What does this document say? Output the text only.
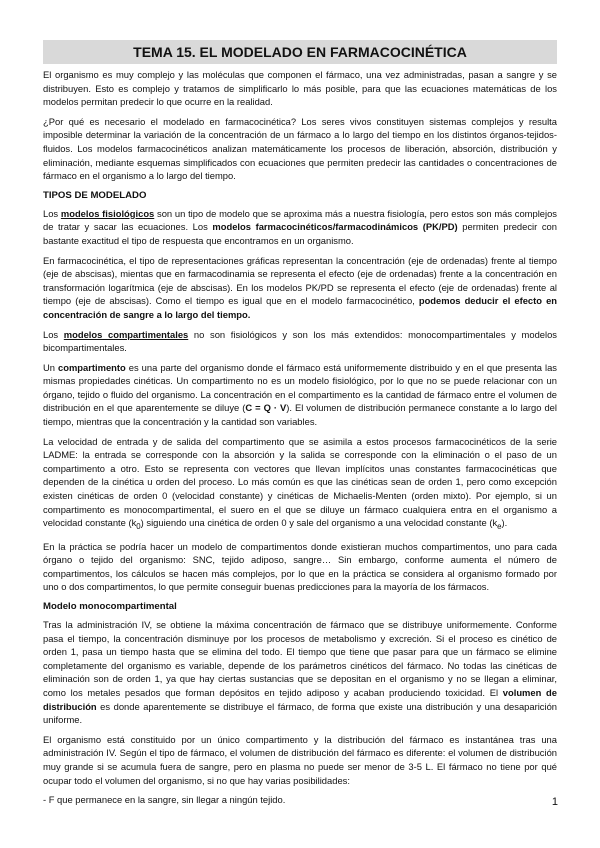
TEMA 15. EL MODELADO EN FARMACOCINÉTICA

El organismo es muy complejo y las moléculas que componen el fármaco, una vez administradas, pasan a sangre y se distribuyen. Esto es complejo y tratamos de simplificarlo lo más posible, para que las ecuaciones matemáticas de los modelos permitan predecir lo que ocurre en la realidad.

¿Por qué es necesario el modelado en farmacocinética? Los seres vivos constituyen sistemas complejos y resulta imposible determinar la variación de la concentración de un fármaco a lo largo del tiempo en los distintos órganos-tejidos-fluidos. Los modelos farmacocinéticos analizan matemáticamente los procesos de liberación, absorción, distribución y eliminación, mediante esquemas simplificados con ecuaciones que permiten predecir las cantidades o concentraciones de fármaco en el organismo a lo largo del tiempo.

TIPOS DE MODELADO

Los modelos fisiológicos son un tipo de modelo que se aproxima más a nuestra fisiología, pero estos son más complejos de tratar y sacar las ecuaciones. Los modelos farmacocinéticos/farmacodinámicos (PK/PD) permiten predecir con bastante exactitud el tipo de respuesta que encontramos en un organismo.

En farmacocinética, el tipo de representaciones gráficas representan la concentración (eje de ordenadas) frente al tiempo (eje de abscisas), mientas que en farmacodinamia se representa el efecto (eje de ordenadas) frente a la concentración en transformación logarítmica (eje de abscisas). En los modelos PK/PD se representa el efecto (eje de ordenadas) frente al tiempo (eje de abscisas). Como el tiempo es igual que en el modelo farmacocinético, podemos deducir el efecto en concentración de sangre a lo largo del tiempo.

Los modelos compartimentales no son fisiológicos y son los más extendidos: monocompartimentales y modelos bicompartimentales.

Un compartimento es una parte del organismo donde el fármaco está uniformemente distribuido y en el que presenta las mismas propiedades cinéticas. Un compartimento no es un modelo fisiológico, por lo que no se puede relacionar con un órgano, tejido o fluido del organismo. La concentración en el compartimento es la cantidad de fármaco entre el volumen de distribución en el que aparentemente se diluye (C = Q · V). El volumen de distribución permanece constante a lo largo del tiempo, mientras que la concentración y la cantidad son variables.

La velocidad de entrada y de salida del compartimento que se asimila a estos procesos farmacocinéticos de la serie LADME: la entrada se corresponde con la absorción y la salida se corresponde con la eliminación o el paso de un compartimento a otro. Esto se representa con vectores que llevan implícitos unas constantes farmacocinéticas que dependen de la cinética u orden del proceso. Lo más común es que las cinéticas sean de orden 1, pero como excepción existen cinéticas de orden 0 (velocidad constante) y cinéticas de Michaelis-Menten (orden mixto). Por ejemplo, si un compartimento es monocompartimental, el suero en el que se diluye un fármaco cualquiera entra en el organismo a velocidad constante $(k_0)$ siguiendo una cinética de orden 0 y sale del organismo a una velocidad constante $(k_e)$.

En la práctica se podría hacer un modelo de compartimentos donde existieran muchos compartimentos, uno para cada órgano o tejido del organismo: SNC, tejido adiposo, sangre… Sin embargo, conforme aumenta el número de compartimentos, los cálculos se hacen más complejos, por lo que en la práctica se considera al organismo formado por uno o dos compartimentos, lo que permite conseguir buenas predicciones para la mayoría de los fármacos.

Modelo monocompartimental

Tras la administración IV, se obtiene la máxima concentración de fármaco que se distribuye uniformemente. Conforme pasa el tiempo, la concentración disminuye por los procesos de metabolismo y excreción. Si el proceso es cinético de orden 1, pasa un tiempo hasta que se elimina del todo. El tiempo que tiene que pasar para que un fármaco se elimine completamente del organismo es variable, depende de los parámetros cinéticos del fármaco. No todas las cinéticas de eliminación son de orden 1, ya que hay ciertas sustancias que se depositan en el organismo y no se llegan a eliminar, como los metales pesados que forman depósitos en tejido adiposo y acaban produciendo toxicidad. El volumen de distribución es donde aparentemente se distribuye el fármaco, de forma que existe una distribución y una desaparición uniforme.

El organismo está constituido por un único compartimento y la distribución del fármaco es instantánea tras una administración IV. Según el tipo de fármaco, el volumen de distribución del fármaco es diferente: el volumen de distribución muy grande si se acumula fuera de sangre, pero en plasma no puede ser menor de 3-5 L. El fármaco no tiene por qué ocupar todo el volumen del organismo, si no que hay varias posibilidades:

- F que permanece en la sangre, sin llegar a ningún tejido.	1
